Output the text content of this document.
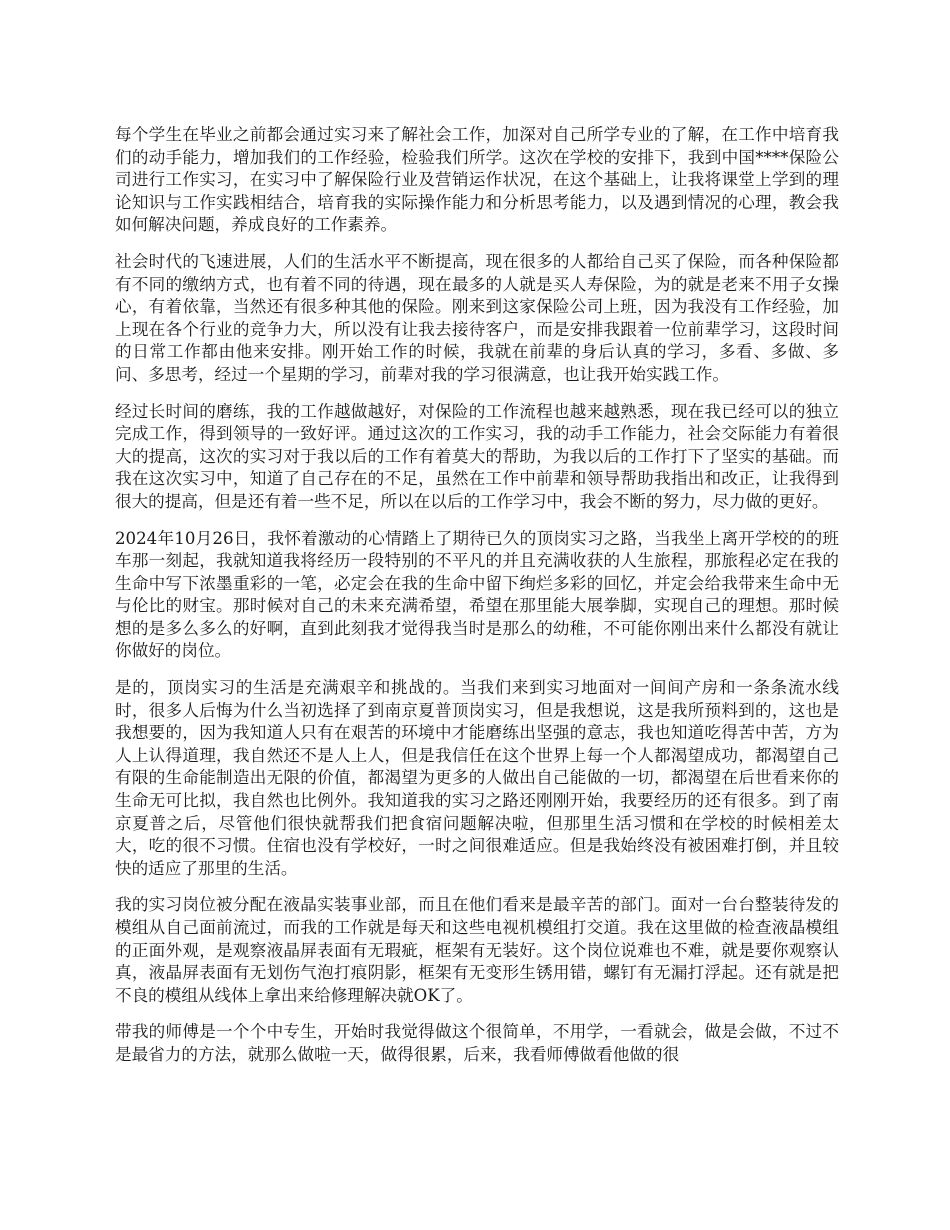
每个学生在毕业之前都会通过实习来了解社会工作，加深对自己所学专业的了解，在工作中培育我们的动手能力，增加我们的工作经验，检验我们所学。这次在学校的安排下，我到中国****保险公司进行工作实习，在实习中了解保险行业及营销运作状况，在这个基础上，让我将课堂上学到的理论知识与工作实践相结合，培育我的实际操作能力和分析思考能力，以及遇到情况的心理，教会我如何解决问题，养成良好的工作素养。

社会时代的飞速进展，人们的生活水平不断提高，现在很多的人都给自己买了保险，而各种保险都有不同的缴纳方式，也有着不同的待遇，现在最多的人就是买人寿保险，为的就是老来不用子女操心，有着依靠，当然还有很多种其他的保险。刚来到这家保险公司上班，因为我没有工作经验，加上现在各个行业的竞争力大，所以没有让我去接待客户，而是安排我跟着一位前辈学习，这段时间的日常工作都由他来安排。刚开始工作的时候，我就在前辈的身后认真的学习，多看、多做、多问、多思考，经过一个星期的学习，前辈对我的学习很满意，也让我开始实践工作。

经过长时间的磨练，我的工作越做越好，对保险的工作流程也越来越熟悉，现在我已经可以的独立完成工作，得到领导的一致好评。通过这次的工作实习，我的动手工作能力，社会交际能力有着很大的提高，这次的实习对于我以后的工作有着莫大的帮助，为我以后的工作打下了坚实的基础。而我在这次实习中，知道了自己存在的不足，虽然在工作中前辈和领导帮助我指出和改正，让我得到很大的提高，但是还有着一些不足，所以在以后的工作学习中，我会不断的努力，尽力做的更好。

2024年10月26日，我怀着激动的心情踏上了期待已久的顶岗实习之路，当我坐上离开学校的的班车那一刻起，我就知道我将经历一段特别的不平凡的并且充满收获的人生旅程，那旅程必定在我的生命中写下浓墨重彩的一笔，必定会在我的生命中留下绚烂多彩的回忆，并定会给我带来生命中无与伦比的财宝。那时候对自己的未来充满希望，希望在那里能大展拳脚，实现自己的理想。那时候想的是多么多么的好啊，直到此刻我才觉得我当时是那么的幼稚，不可能你刚出来什么都没有就让你做好的岗位。

是的，顶岗实习的生活是充满艰辛和挑战的。当我们来到实习地面对一间间产房和一条条流水线时，很多人后悔为什么当初选择了到南京夏普顶岗实习，但是我想说，这是我所预料到的，这也是我想要的，因为我知道人只有在艰苦的环境中才能磨练出坚强的意志，我也知道吃得苦中苦，方为人上认得道理，我自然还不是人上人，但是我信任在这个世界上每一个人都渴望成功，都渴望自己有限的生命能制造出无限的价值，都渴望为更多的人做出自己能做的一切，都渴望在后世看来你的生命无可比拟，我自然也比例外。我知道我的实习之路还刚刚开始，我要经历的还有很多。到了南京夏普之后，尽管他们很快就帮我们把食宿问题解决啦，但那里生活习惯和在学校的时候相差太大，吃的很不习惯。住宿也没有学校好，一时之间很难适应。但是我始终没有被困难打倒，并且较快的适应了那里的生活。

我的实习岗位被分配在液晶实装事业部，而且在他们看来是最辛苦的部门。面对一台台整装待发的模组从自己面前流过，而我的工作就是每天和这些电视机模组打交道。我在这里做的检查液晶模组的正面外观，是观察液晶屏表面有无瑕疵，框架有无装好。这个岗位说难也不难，就是要你观察认真，液晶屏表面有无划伤气泡打痕阴影，框架有无变形生锈用错，螺钉有无漏打浮起。还有就是把不良的模组从线体上拿出来给修理解决就OK了。

带我的师傅是一个个中专生，开始时我觉得做这个很简单，不用学，一看就会，做是会做，不过不是最省力的方法，就那么做啦一天，做得很累，后来，我看师傅做看他做的很
